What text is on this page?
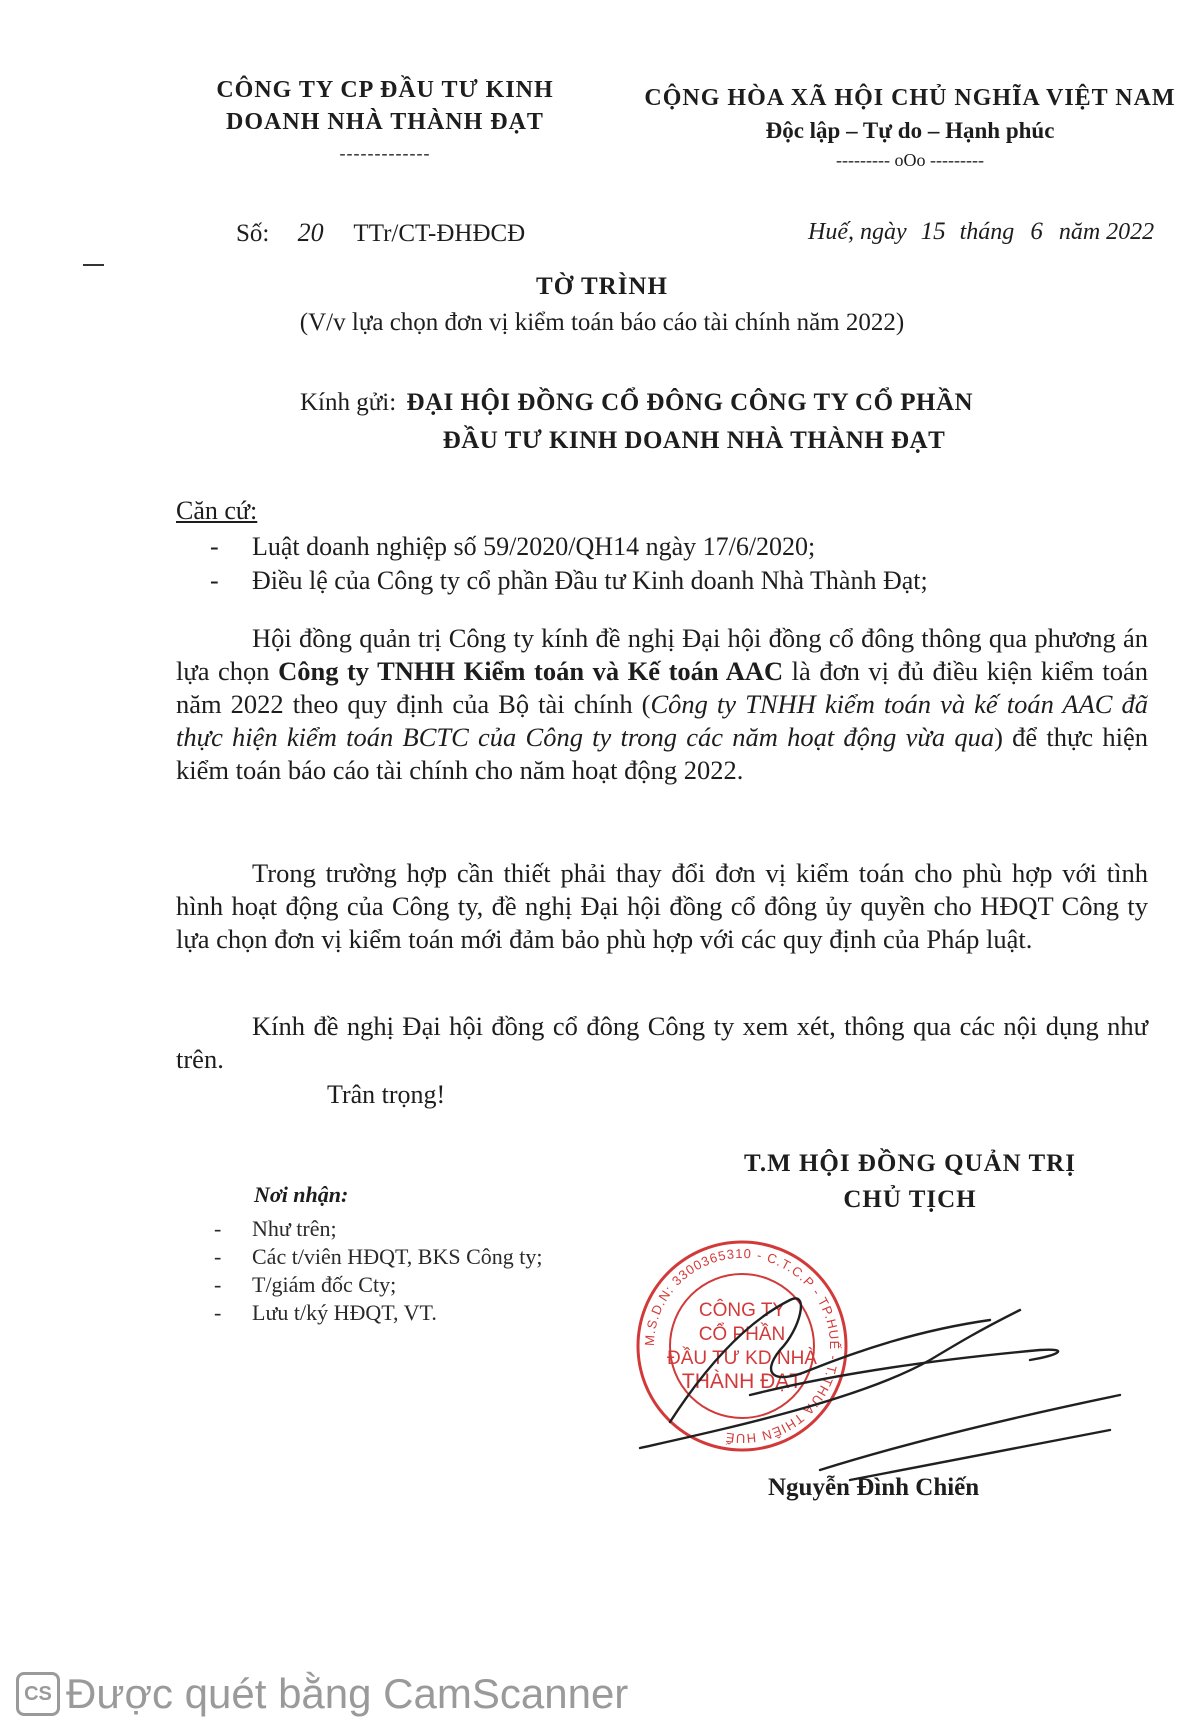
CÔNG TY CP ĐẦU TƯ KINH
DOANH NHÀ THÀNH ĐẠT
-------------
CỘNG HÒA XÃ HỘI CHỦ NGHĨA VIỆT NAM
Độc lập – Tự do – Hạnh phúc
--------- oOo ---------
Số: 20 TTr/CT-ĐHĐCĐ	Huế, ngày 15 tháng 6 năm 2022
TỜ TRÌNH
(V/v lựa chọn đơn vị kiểm toán báo cáo tài chính năm 2022)
Kính gửi: ĐẠI HỘI ĐỒNG CỔ ĐÔNG CÔNG TY CỔ PHẦN
ĐẦU TƯ KINH DOANH NHÀ THÀNH ĐẠT
Căn cứ:
- Luật doanh nghiệp số 59/2020/QH14 ngày 17/6/2020;
- Điều lệ của Công ty cổ phần Đầu tư Kinh doanh Nhà Thành Đạt;
Hội đồng quản trị Công ty kính đề nghị Đại hội đồng cổ đông thông qua phương án lựa chọn Công ty TNHH Kiểm toán và Kế toán AAC là đơn vị đủ điều kiện kiểm toán năm 2022 theo quy định của Bộ tài chính (Công ty TNHH kiểm toán và kế toán AAC đã thực hiện kiểm toán BCTC của Công ty trong các năm hoạt động vừa qua) để thực hiện kiểm toán báo cáo tài chính cho năm hoạt động 2022.
Trong trường hợp cần thiết phải thay đổi đơn vị kiểm toán cho phù hợp với tình hình hoạt động của Công ty, đề nghị Đại hội đồng cổ đông ủy quyền cho HĐQT Công ty lựa chọn đơn vị kiểm toán mới đảm bảo phù hợp với các quy định của Pháp luật.
Kính đề nghị Đại hội đồng cổ đông Công ty xem xét, thông qua các nội dụng như trên.
Trân trọng!
T.M HỘI ĐỒNG QUẢN TRỊ
CHỦ TỊCH
Nơi nhận:
- Như trên;
- Các t/viên HĐQT, BKS Công ty;
- T/giám đốc Cty;
- Lưu t/ký HĐQT, VT.
M.S.D.N: 3300365310 - C.T.C.P - TP.HUẾ - T.THỪA THIÊN HUẾ
CÔNG TY
CỔ PHẦN
ĐẦU TƯ KD NHÀ
THÀNH ĐẠT
Nguyễn Đình Chiến
CS Được quét bằng CamScanner
